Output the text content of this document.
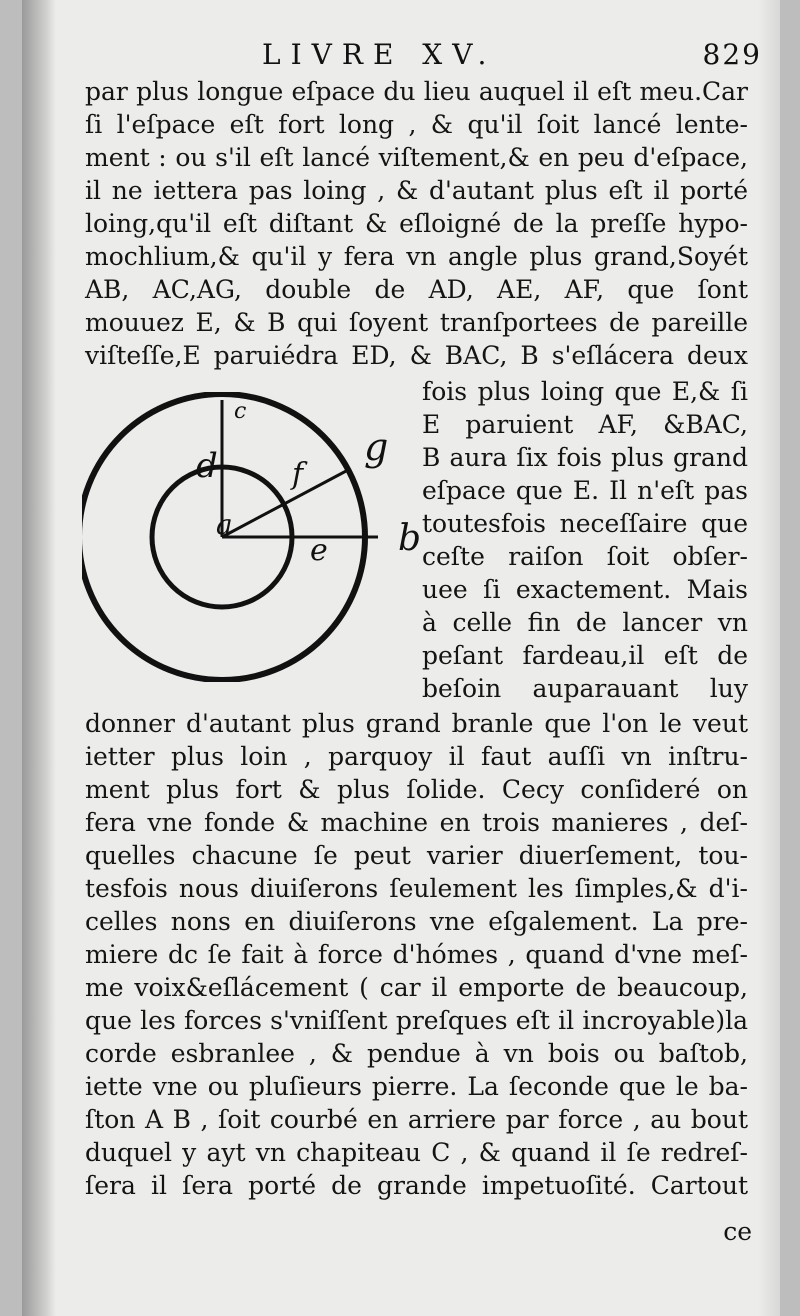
LIVRE XV.	829
par plus longue eſpace du lieu auquel il eſt meu.Car
ſi l'eſpace eſt fort long , & qu'il ſoit lancé lente-
ment : ou s'il eſt lancé viſtement,& en peu d'eſpace,
il ne iettera pas loing , & d'autant plus eſt il porté
loing,qu'il eſt diſtant & eſloigné de la preſſe hypo-
mochlium,& qu'il y fera vn angle plus grand,Soyét
AB, AC,AG, double de AD, AE, AF, que ſont
mouuez E, & B qui ſoyent tranſportees de pareille
viſteſſe,E paruiédra ED, & BAC, B s'eſlácera deux
a	b
c
d
e
f
g
fois plus loing que E,& ſi
E paruient AF, &BAC,
B aura ſix fois plus grand
eſpace que E. Il n'eſt pas
toutesfois neceſſaire que
ceſte raiſon ſoit obſer-
uee ſi exactement. Mais
à celle fin de lancer vn
peſant fardeau,il eſt de
beſoin auparauant luy
donner d'autant plus grand branle que l'on le veut
ietter plus loin , parquoy il faut auſſi vn inſtru-
ment plus fort & plus ſolide. Cecy conſideré on
fera vne fonde & machine en trois manieres , deſ-
quelles chacune ſe peut varier diuerſement, tou-
tesfois nous diuiſerons ſeulement les ſimples,& d'i-
celles nons en diuiſerons vne eſgalement. La pre-
miere dc ſe fait à force d'hómes , quand d'vne meſ-
me voix&eſlácement ( car il emporte de beaucoup,
que les forces s'vniſſent preſques eſt il incroyable)la
corde esbranlee , & pendue à vn bois ou baſtob,
iette vne ou pluſieurs pierre. La ſeconde que le ba-
ſton A B , ſoit courbé en arriere par force , au bout
duquel y ayt vn chapiteau C , & quand il ſe redreſ-
ſera il ſera porté de grande impetuoſité. Cartout
ce
